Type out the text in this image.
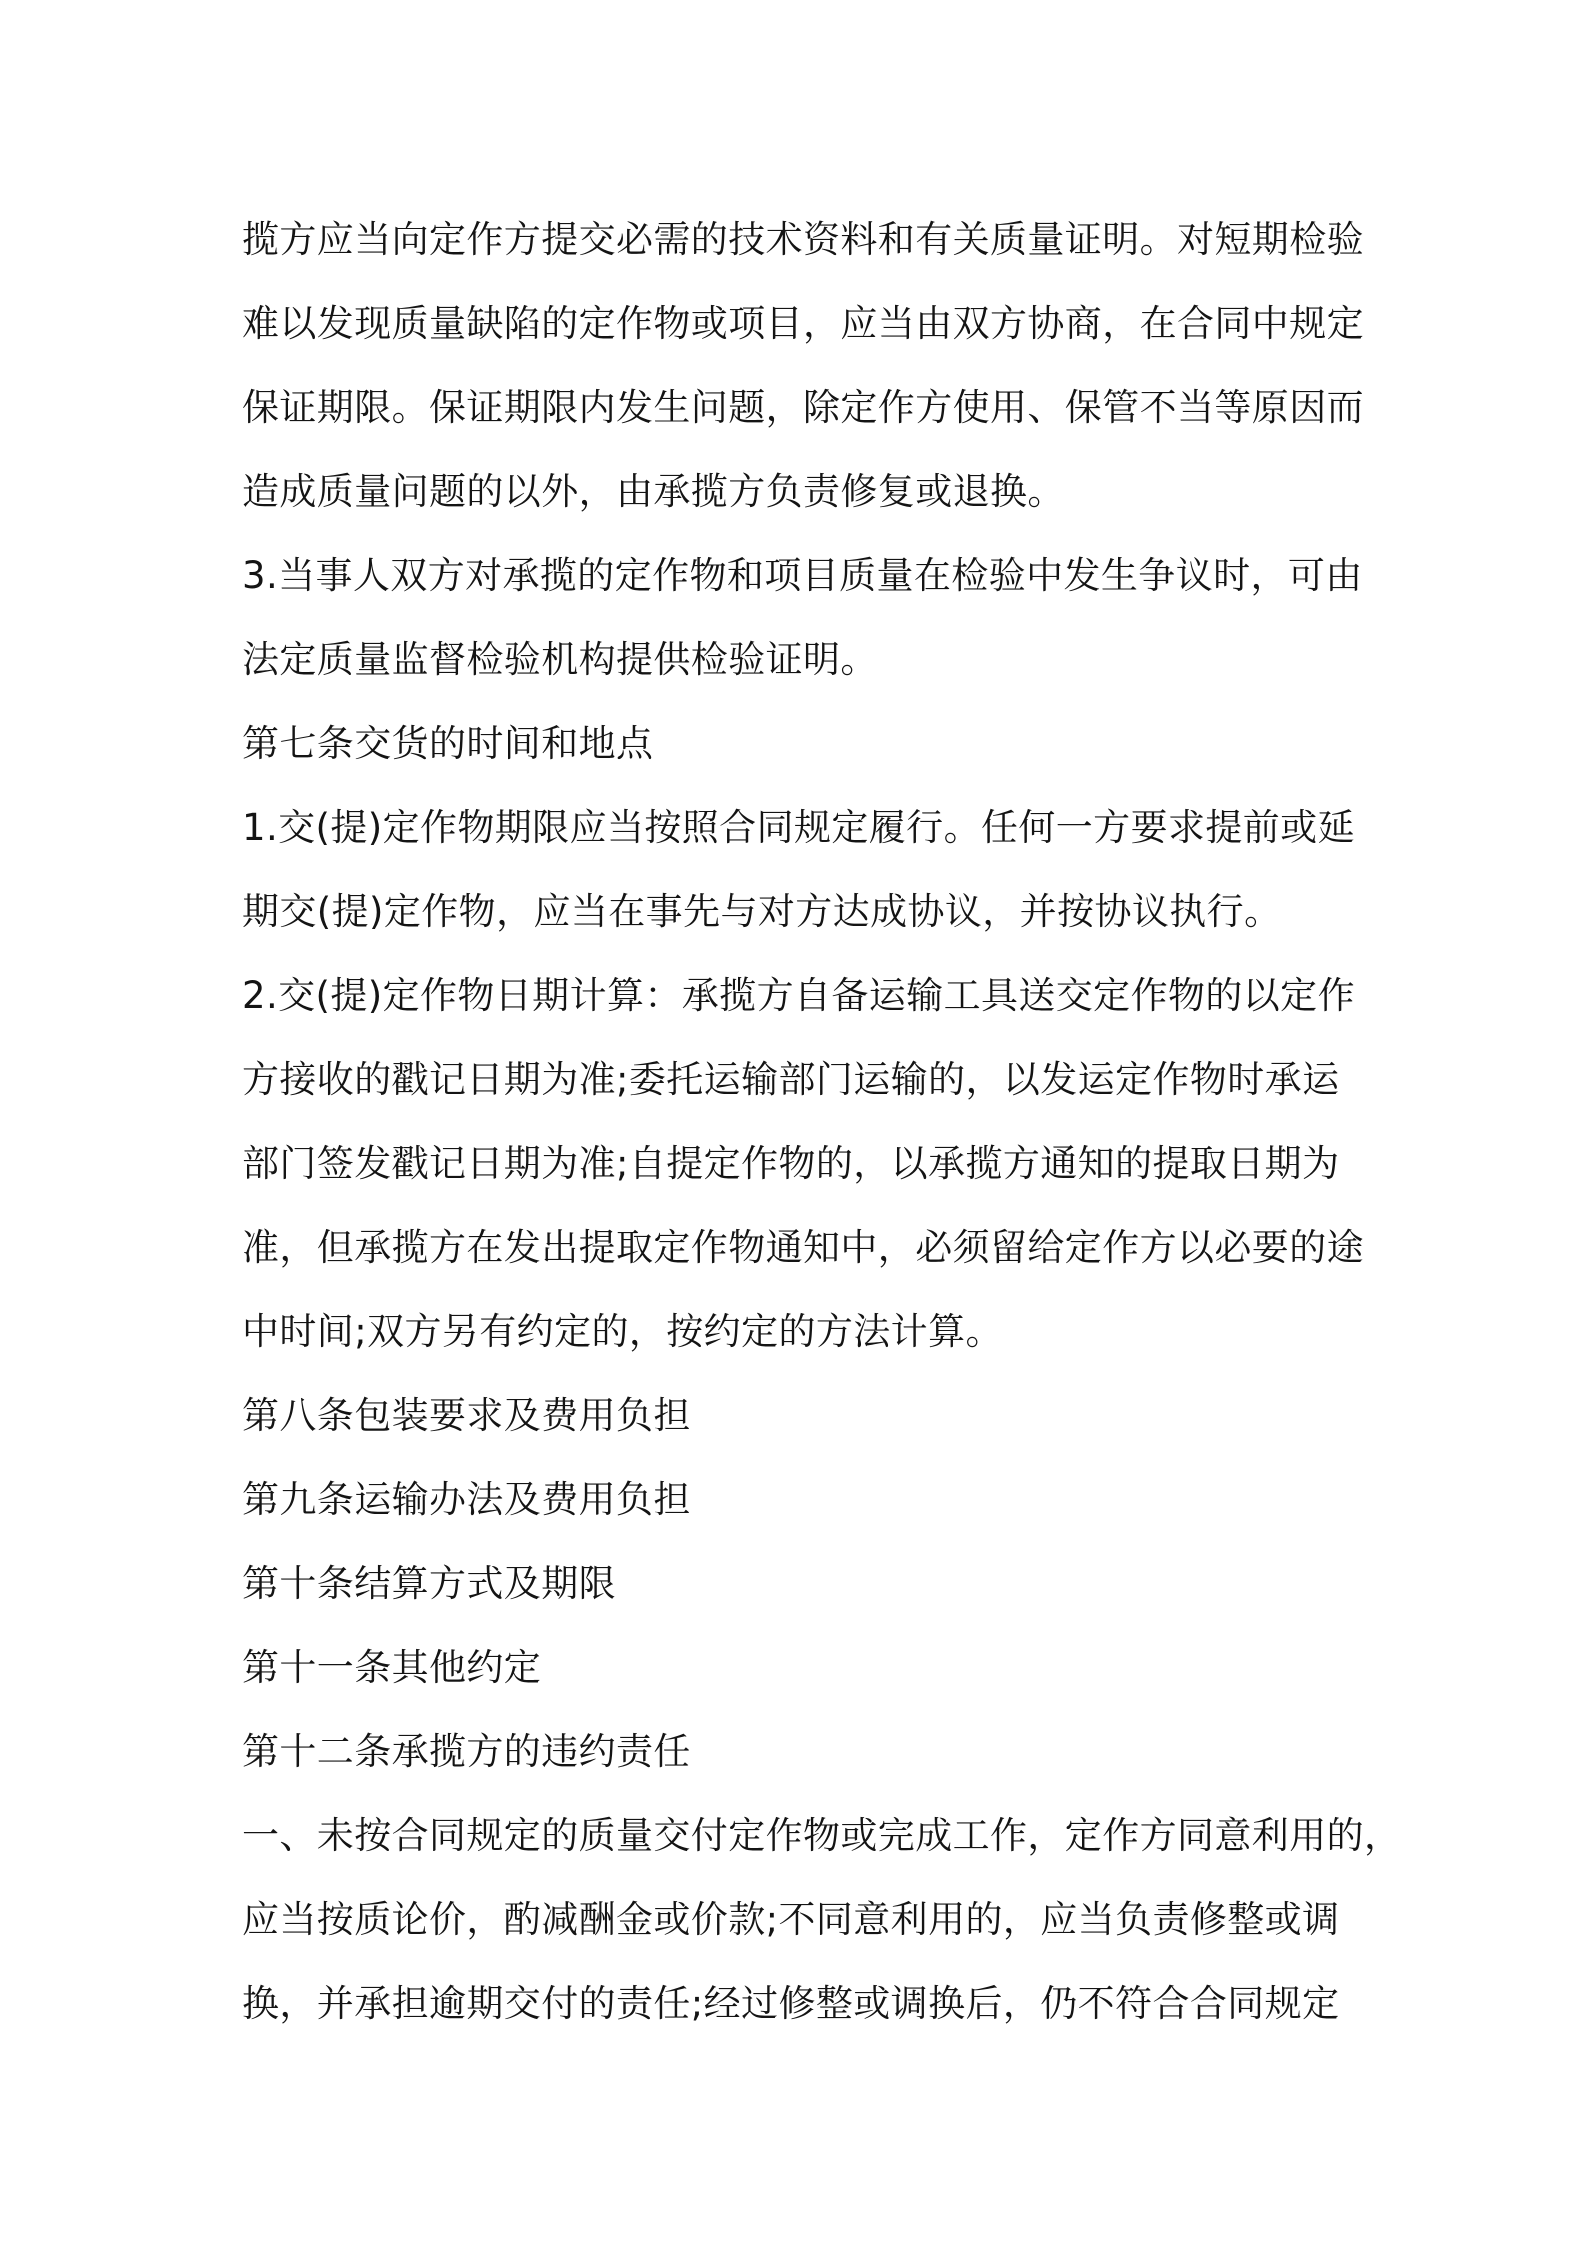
揽方应当向定作方提交必需的技术资料和有关质量证明。对短期检验
难以发现质量缺陷的定作物或项目，应当由双方协商，在合同中规定
保证期限。保证期限内发生问题，除定作方使用、保管不当等原因而
造成质量问题的以外，由承揽方负责修复或退换。
3.当事人双方对承揽的定作物和项目质量在检验中发生争议时，可由
法定质量监督检验机构提供检验证明。
第七条交货的时间和地点
1.交(提)定作物期限应当按照合同规定履行。任何一方要求提前或延
期交(提)定作物，应当在事先与对方达成协议，并按协议执行。
2.交(提)定作物日期计算：承揽方自备运输工具送交定作物的以定作
方接收的戳记日期为准;委托运输部门运输的，以发运定作物时承运
部门签发戳记日期为准;自提定作物的，以承揽方通知的提取日期为
准，但承揽方在发出提取定作物通知中，必须留给定作方以必要的途
中时间;双方另有约定的，按约定的方法计算。
第八条包装要求及费用负担
第九条运输办法及费用负担
第十条结算方式及期限
第十一条其他约定
第十二条承揽方的违约责任
一、未按合同规定的质量交付定作物或完成工作，定作方同意利用的，
应当按质论价，酌减酬金或价款;不同意利用的，应当负责修整或调
换，并承担逾期交付的责任;经过修整或调换后，仍不符合合同规定
